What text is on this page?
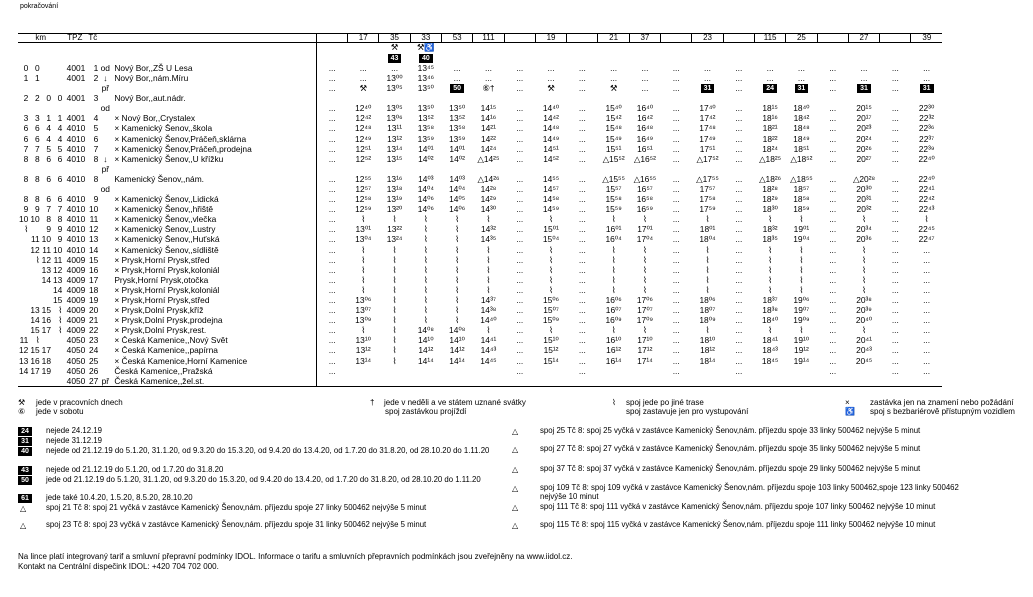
pokračování
km				TPZ	Tč				17	35	33	53	111		19		21	37		23		115	25		27		39
										⚒	⚒♿																
										43	40																
0	0			4001	1	od	Nový Bor,,ZŠ U Lesa	...	...	...	13⁴⁵	...	...	...	...	...	...	...	...	...	...	...	...	...	...	...	...
1	1			4001	2	↓	Nový Bor,,nám.Míru	...	...	13⁰⁰	13⁴⁶	...	...	...	...	...	...	...	...	...	...	...	...	...	...	...	...
						př		...	⚒	13⁰⁵	13⁵⁰	50	⑥†	...	⚒	...	⚒	...	...	31	...	24	31	...	31	...	31
2	2	0	0	4001	3		Nový Bor,,aut.nádr.																				
						od		...	12⁴⁰	13⁰⁵	13⁵⁰	13⁵⁰	14¹⁵	...	14⁴⁰	...	15⁴⁰	16⁴⁰	...	17⁴⁰	...	18¹⁵	18⁴⁰	...	20¹⁵	...	22³⁰
3	3	1	1	4001	4		× Nový Bor,,Crystalex	...	12⁴²	13⁰⁶	13⁵²	13⁵²	14¹⁶	...	14⁴²	...	15⁴²	16⁴²	...	17⁴²	...	18¹⁶	18⁴²	...	20¹⁷	...	22³²
6	6	4	4	4010	5		× Kamenický Šenov,,škola	...	12⁴⁸	13¹¹	13⁵⁸	13⁵⁸	14²¹	...	14⁴⁸	...	15⁴⁸	16⁴⁸	...	17⁴⁸	...	18²¹	18⁴⁸	...	20²³	...	22³⁶
6	6	4	4	4010	6		× Kamenický Šenov,Práčeň,sklárna	...	12⁴⁹	13¹²	13⁵⁹	13⁵⁹	14²²	...	14⁴⁹	...	15⁴⁹	16⁴⁹	...	17⁴⁹	...	18²²	18⁴⁹	...	20²⁴	...	22³⁷
7	7	5	5	4010	7		× Kamenický Šenov,Práčeň,prodejna	...	12⁵¹	13¹⁴	14⁰¹	14⁰¹	14²⁴	...	14⁵¹	...	15⁵¹	16⁵¹	...	17⁵¹	...	18²⁴	18⁵¹	...	20²⁶	...	22³⁹
8	8	6	6	4010	8	↓	× Kamenický Šenov,,U křížku	...	12⁵²	13¹⁵	14⁰²	14⁰²	△14²⁵	...	14⁵²	...	△15⁵²	△16⁵²	...	△17⁵²	...	△18²⁵	△18⁵²	...	20²⁷	...	22⁴⁰
						př																					
8	8	6	6	4010	8		Kamenický Šenov,,nám.	...	12⁵⁵	13¹⁶	14⁰³	14⁰³	△14²⁶	...	14⁵⁵	...	△15⁵⁵	△16⁵⁵	...	△17⁵⁵	...	△18²⁶	△18⁵⁵	...	△20²⁸	...	22⁴⁰
						od		...	12⁵⁷	13¹⁸	14⁰⁴	14⁰⁴	14²⁸	...	14⁵⁷	...	15⁵⁷	16⁵⁷	...	17⁵⁷	...	18²⁸	18⁵⁷	...	20³⁰	...	22⁴¹
8	8	6	6	4010	9		× Kamenický Šenov,,Lidická	...	12⁵⁸	13¹⁹	14⁰⁶	14⁰⁵	14²⁹	...	14⁵⁸	...	15⁵⁸	16⁵⁸	...	17⁵⁸	...	18²⁹	18⁵⁸	...	20³¹	...	22⁴²
9	9	7	7	4010	10		× Kamenický Šenov,,hřiště	...	12⁵⁹	13²⁰	14⁰⁶	14⁰⁶	14³⁰	...	14⁵⁹	...	15⁵⁹	16⁵⁹	...	17⁵⁹	...	18³⁰	18⁵⁹	...	20³²	...	22⁴³
10	10	8	8	4010	11		× Kamenický Šenov,,vlečka	...	⌇	⌇	⌇	⌇	⌇	...	⌇	...	⌇	⌇	...	⌇	...	⌇	⌇	...	⌇	...	⌇
⌇		9	9	4010	12		× Kamenický Šenov,,Lustry	...	13⁰¹	13²²	⌇	⌇	14³²	...	15⁰¹	...	16⁰¹	17⁰¹	...	18⁰¹	...	18³²	19⁰¹	...	20³⁴	...	22⁴⁵
	11	10	9	4010	13		× Kamenický Šenov,,Huťská	...	13⁰⁴	13²⁴	⌇	⌇	14³⁵	...	15⁰⁴	...	16⁰⁴	17⁰⁴	...	18⁰⁴	...	18³⁵	19⁰⁴	...	20³⁶	...	22⁴⁷
	12	11	10	4010	14		× Kamenický Šenov,,sídliště	...	⌇	⌇	⌇	⌇	⌇	...	⌇	...	⌇	⌇	...	⌇	...	⌇	⌇	...	⌇	...	...
	⌇	12	11	4009	15		× Prysk,Horní Prysk,střed	...	⌇	⌇	⌇	⌇	⌇	...	⌇	...	⌇	⌇	...	⌇	...	⌇	⌇	...	⌇	...	...
		13	12	4009	16		× Prysk,Horní Prysk,koloniál	...	⌇	⌇	⌇	⌇	⌇	...	⌇	...	⌇	⌇	...	⌇	...	⌇	⌇	...	⌇	...	...
		14	13	4009	17		Prysk,Horní Prysk,otočka	...	⌇	⌇	⌇	⌇	⌇	...	⌇	...	⌇	⌇	...	⌇	...	⌇	⌇	...	⌇	...	...
			14	4009	18		× Prysk,Horní Prysk,koloniál	...	⌇	⌇	⌇	⌇	⌇	...	⌇	...	⌇	⌇	...	⌇	...	⌇	⌇	...	⌇	...	...
			15	4009	19		× Prysk,Horní Prysk,střed	...	13⁰⁶	⌇	⌇	⌇	14³⁷	...	15⁰⁶	...	16⁰⁶	17⁰⁶	...	18⁰⁶	...	18³⁷	19⁰⁶	...	20³⁸	...	...
	13	15	⌇	4009	20		× Prysk,Dolní Prysk,kříž	...	13⁰⁷	⌇	⌇	⌇	14³⁸	...	15⁰⁷	...	16⁰⁷	17⁰⁷	...	18⁰⁷	...	18³⁸	19⁰⁷	...	20³⁹	...	...
	14	16	⌇	4009	21		× Prysk,Dolní Prysk,prodejna	...	13⁰⁹	⌇	⌇	⌇	14⁴⁰	...	15⁰⁹	...	16⁰⁹	17⁰⁹	...	18⁰⁹	...	18⁴⁰	19⁰⁹	...	20⁴⁰	...	...
	15	17	⌇	4009	22		× Prysk,Dolní Prysk,rest.	...	⌇	⌇	14⁰⁸	14⁰⁸	⌇	...	⌇	...	⌇	⌇	...	⌇	...	⌇	⌇	...	⌇	...	...
11	⌇			4050	23		× Česká Kamenice,,Nový Svět	...	13¹⁰	⌇	14¹⁰	14¹⁰	14⁴¹	...	15¹⁰	...	16¹⁰	17¹⁰	...	18¹⁰	...	18⁴¹	19¹⁰	...	20⁴¹	...	...
12	15	17		4050	24		× Česká Kamenice,,papírna	...	13¹²	⌇	14¹²	14¹²	14⁴³	...	15¹²	...	16¹²	17¹²	...	18¹²	...	18⁴³	19¹²	...	20⁴³	...	...
13	16	18		4050	25		× Česká Kamenice,Horní Kamenice	...	13¹⁴	⌇	14¹⁴	14¹⁴	14⁴⁵	...	15¹⁴	...	16¹⁴	17¹⁴	...	18¹⁴	...	18⁴⁵	19¹⁴	...	20⁴⁵	...	...
14	17	19		4050	26		Česká Kamenice,,Pražská	...						...		...			...		...			...		...	...
				4050	27	př	Česká Kamenice,,žel.st.																				
⚒ jede v pracovních dnech
⑥ jede v sobotu
† jede v neděli a ve státem uznané svátky
spoj zastávkou projíždí
⌇ spoj jede po jiné trase
spoj zastavuje jen pro vystupování
×	zastávka jen na znamení nebo požádání
♿ spoj s bezbariérově přístupným vozidlem
24	nejede 24.12.19
31	nejede 31.12.19
40	nejede od 21.12.19 do 5.1.20, 31.1.20, od 9.3.20 do 15.3.20, od 9.4.20 do 13.4.20, od 1.7.20 do 31.8.20, od 28.10.20 do 1.11.20
43	nejede od 21.12.19 do 5.1.20, od 1.7.20 do 31.8.20
50	jede od 21.12.19 do 5.1.20, 31.1.20, od 9.3.20 do 15.3.20, od 9.4.20 do 13.4.20, od 1.7.20 do 31.8.20, od 28.10.20 do 1.11.20
61	jede také 10.4.20, 1.5.20, 8.5.20, 28.10.20
△	spoj 21 Tč 8: spoj 21 vyčká v zastávce Kamenický Šenov,nám. příjezdu spoje 27 linky 500462 nejvýše 5 minut
△	spoj 23 Tč 8: spoj 23 vyčká v zastávce Kamenický Šenov,nám. příjezdu spoje 31 linky 500462 nejvýše 5 minut
△	spoj 25 Tč 8: spoj 25 vyčká v zastávce Kamenický Šenov,nám. příjezdu spoje 33 linky 500462 nejvýše 5 minut
△	spoj 27 Tč 8: spoj 27 vyčká v zastávce Kamenický Šenov,nám. příjezdu spoje 35 linky 500462 nejvýše 5 minut
△	spoj 37 Tč 8: spoj 37 vyčká v zastávce Kamenický Šenov,nám. příjezdu spoje 29 linky 500462 nejvýše 5 minut
△	spoj 109 Tč 8: spoj 109 vyčká v zastávce Kamenický Šenov,nám. příjezdu spoje 103 linky 500462,spoje 123 linky 500462 nejvýše 10 minut
△	spoj 111 Tč 8: spoj 111 vyčká v zastávce Kamenický Šenov,nám. příjezdu spoje 107 linky 500462 nejvýše 10 minut
△	spoj 115 Tč 8: spoj 115 vyčká v zastávce Kamenický Šenov,nám. příjezdu spoje 111 linky 500462 nejvýše 10 minut
Na lince platí integrovaný tarif a smluvní přepravní podmínky IDOL. Informace o tarifu a smluvních přepravních podmínkách jsou zveřejněny na www.iidol.cz.
Kontakt na Centrální dispečink IDOL: +420 704 702 000.
